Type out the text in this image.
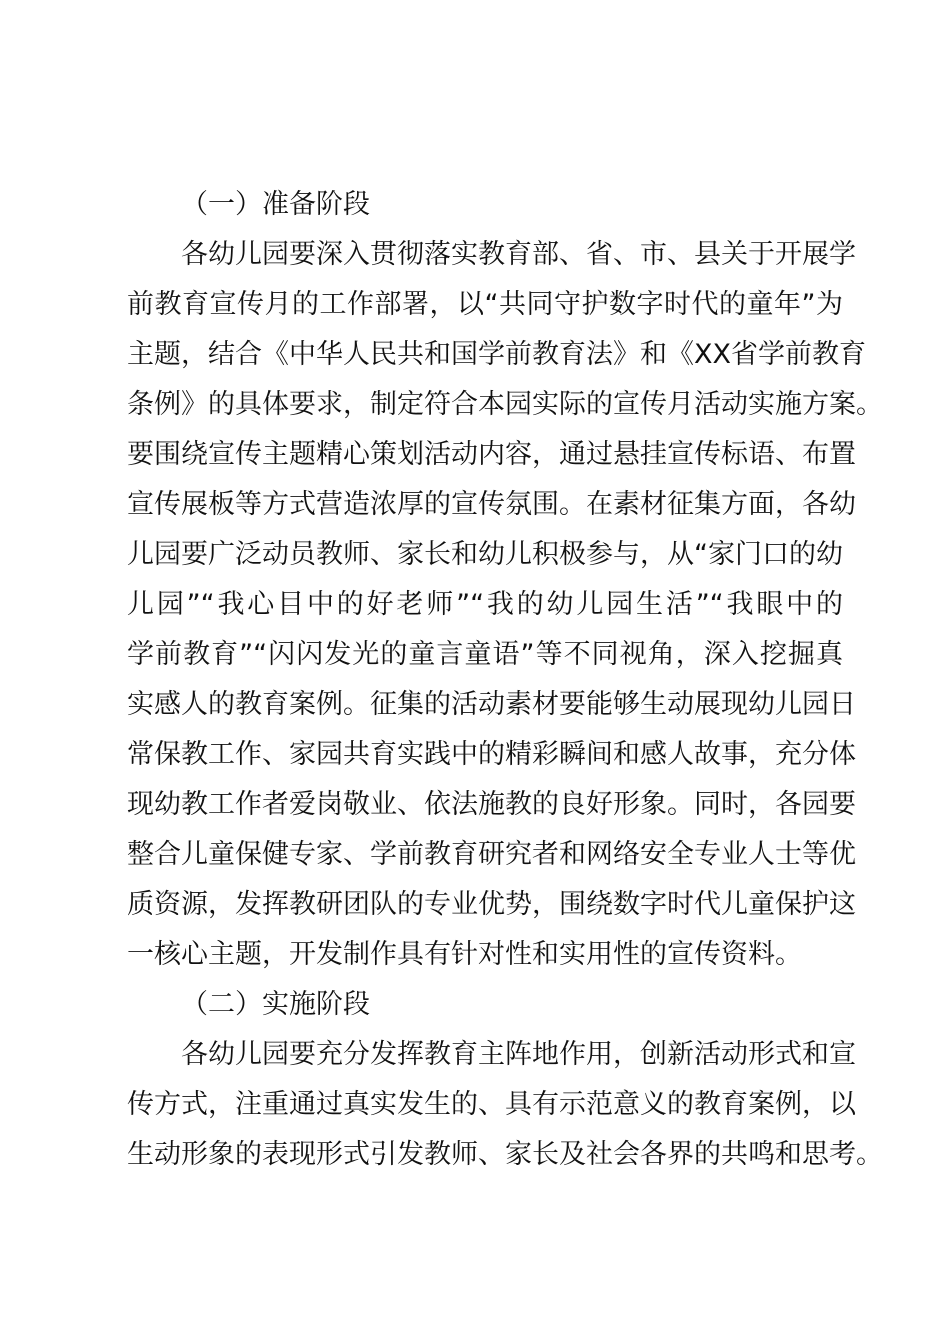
（一）准备阶段
各幼儿园要深入贯彻落实教育部、省、市、县关于开展学
前教育宣传月的工作部署，以“共同守护数字时代的童年”为
主题，结合《中华人民共和国学前教育法》和《XX省学前教育
条例》的具体要求，制定符合本园实际的宣传月活动实施方案。
要围绕宣传主题精心策划活动内容，通过悬挂宣传标语、布置
宣传展板等方式营造浓厚的宣传氛围。在素材征集方面，各幼
儿园要广泛动员教师、家长和幼儿积极参与，从“家门口的幼
儿园”“我心目中的好老师”“我的幼儿园生活”“我眼中的
学前教育”“闪闪发光的童言童语”等不同视角，深入挖掘真
实感人的教育案例。征集的活动素材要能够生动展现幼儿园日
常保教工作、家园共育实践中的精彩瞬间和感人故事，充分体
现幼教工作者爱岗敬业、依法施教的良好形象。同时，各园要
整合儿童保健专家、学前教育研究者和网络安全专业人士等优
质资源，发挥教研团队的专业优势，围绕数字时代儿童保护这
一核心主题，开发制作具有针对性和实用性的宣传资料。
（二）实施阶段
各幼儿园要充分发挥教育主阵地作用，创新活动形式和宣
传方式，注重通过真实发生的、具有示范意义的教育案例，以
生动形象的表现形式引发教师、家长及社会各界的共鸣和思考。
